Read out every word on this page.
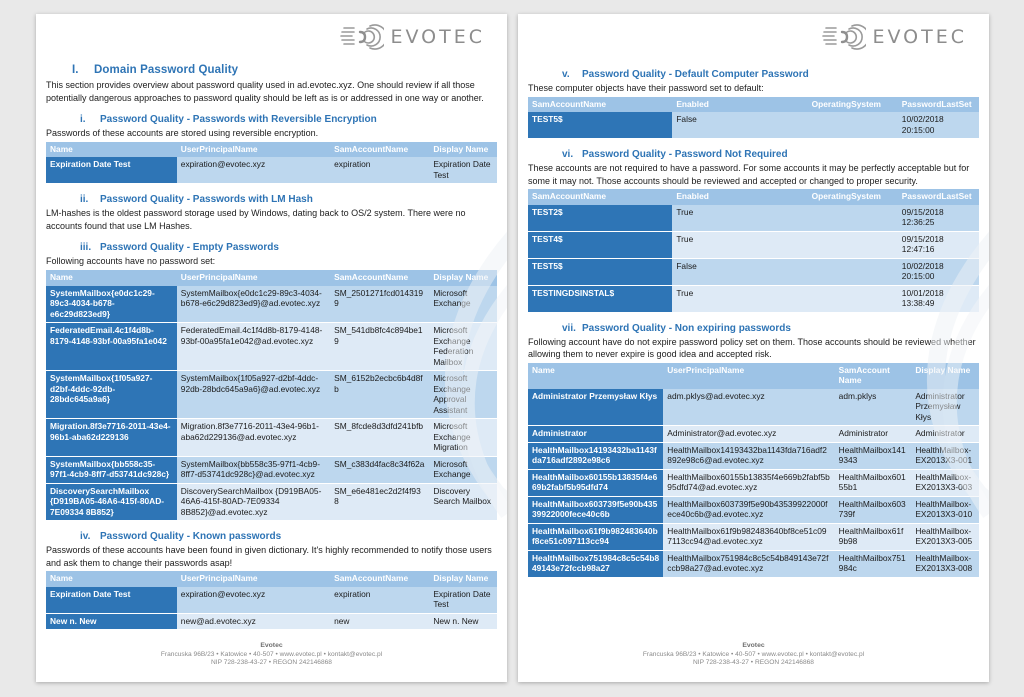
EVOTEC
I. Domain Password Quality

This section provides overview about password quality used in ad.evotec.xyz. One should review if all those potentially dangerous approaches to password quality should be left as is or addressed in one way or another.

i. Password Quality - Passwords with Reversible Encryption

Passwords of these accounts are stored using reversible encryption.

Name	UserPrincipalName	SamAccountName	Display Name
Expiration Date Test	expiration@evotec.xyz	expiration	Expiration Date Test
ii. Password Quality - Passwords with LM Hash

LM-hashes is the oldest password storage used by Windows, dating back to OS/2 system. There were no accounts found that use LM Hashes.

iii. Password Quality - Empty Passwords

Following accounts have no password set:

Name	UserPrincipalName	SamAccountName	Display Name
SystemMailbox{e0dc1c29-89c3-4034-b678-e6c29d823ed9}	SystemMailbox{e0dc1c29-89c3-4034-b678-e6c29d823ed9}@ad.evotec.xyz	SM_2501271fcd0143199	Microsoft Exchange
FederatedEmail.4c1f4d8b-8179-4148-93bf-00a95fa1e042	FederatedEmail.4c1f4d8b-8179-4148-93bf-00a95fa1e042@ad.evotec.xyz	SM_541db8fc4c894be19	Microsoft Exchange Federation Mailbox
SystemMailbox{1f05a927-d2bf-4ddc-92db-28bdc645a9a6}	SystemMailbox{1f05a927-d2bf-4ddc-92db-28bdc645a9a6}@ad.evotec.xyz	SM_6152b2ecbc6b4d8fb	Microsoft Exchange Approval Assistant
Migration.8f3e7716-2011-43e4-96b1-aba62d229136	Migration.8f3e7716-2011-43e4-96b1-aba62d229136@ad.evotec.xyz	SM_8fcde8d3dfd241bfb	Microsoft Exchange Migration
SystemMailbox{bb558c35-97f1-4cb9-8ff7-d53741dc928c}	SystemMailbox{bb558c35-97f1-4cb9-8ff7-d53741dc928c}@ad.evotec.xyz	SM_c383d4fac8c34f62a	Microsoft Exchange
DiscoverySearchMailbox {D919BA05-46A6-415f-80AD-7E09334 8B852}	DiscoverySearchMailbox {D919BA05-46A6-415f-80AD-7E09334 8B852}@ad.evotec.xyz	SM_e6e481ec2d2f4f938	Discovery Search Mailbox
iv. Password Quality - Known passwords

Passwords of these accounts have been found in given dictionary. It's highly recommended to notify those users and ask them to change their passwords asap!

Name	UserPrincipalName	SamAccountName	Display Name
Expiration Date Test	expiration@evotec.xyz	expiration	Expiration Date Test
New n. New	new@ad.evotec.xyz	new	New n. New
Evotec
Francuska 96B/23 • Katowice • 40-507 • www.evotec.pl • kontakt@evotec.pl
NIP 728-238-43-27 • REGON 242146868
EVOTEC
v. Password Quality - Default Computer Password

These computer objects have their password set to default:

SamAccountName	Enabled	OperatingSystem	PasswordLastSet
TEST5$	False		10/02/2018 20:15:00
vi. Password Quality - Password Not Required

These accounts are not required to have a password. For some accounts it may be perfectly acceptable but for some it may not. Those accounts should be reviewed and accepted or changed to proper security.

SamAccountName	Enabled	OperatingSystem	PasswordLastSet
TEST2$	True		09/15/2018 12:36:25
TEST4$	True		09/15/2018 12:47:16
TEST5$	False		10/02/2018 20:15:00
TESTINGDSINSTAL$	True		10/01/2018 13:38:49
vii. Password Quality - Non expiring passwords

Following account have do not expire password policy set on them. Those accounts should be reviewed whether allowing them to never expire is good idea and accepted risk.

Name	UserPrincipalName	SamAccount Name	Display Name
Administrator Przemysław Kłys	adm.pklys@ad.evotec.xyz	adm.pklys	Administrator Przemysław Kłys
Administrator	Administrator@ad.evotec.xyz	Administrator	Administrator
HealthMailbox14193432ba1143fda716adf2892e98c6	HealthMailbox14193432ba1143fda716adf2892e98c6@ad.evotec.xyz	HealthMailbox1419343	HealthMailbox-EX2013X3-001
HealthMailbox60155b13835f4e669b2fabf5b95dfd74	HealthMailbox60155b13835f4e669b2fabf5b95dfd74@ad.evotec.xyz	HealthMailbox60155b1	HealthMailbox-EX2013X3-003
HealthMailbox603739f5e90b43539922000fece40c6b	HealthMailbox603739f5e90b43539922000fece40c6b@ad.evotec.xyz	HealthMailbox603739f	HealthMailbox-EX2013X3-010
HealthMailbox61f9b982483640bf8ce51c097113cc94	HealthMailbox61f9b982483640bf8ce51c097113cc94@ad.evotec.xyz	HealthMailbox61f9b98	HealthMailbox-EX2013X3-005
HealthMailbox751984c8c5c54b849143e72fccb98a27	HealthMailbox751984c8c5c54b849143e72fccb98a27@ad.evotec.xyz	HealthMailbox751984c	HealthMailbox-EX2013X3-008
Evotec
Francuska 96B/23 • Katowice • 40-507 • www.evotec.pl • kontakt@evotec.pl
NIP 728-238-43-27 • REGON 242146868
